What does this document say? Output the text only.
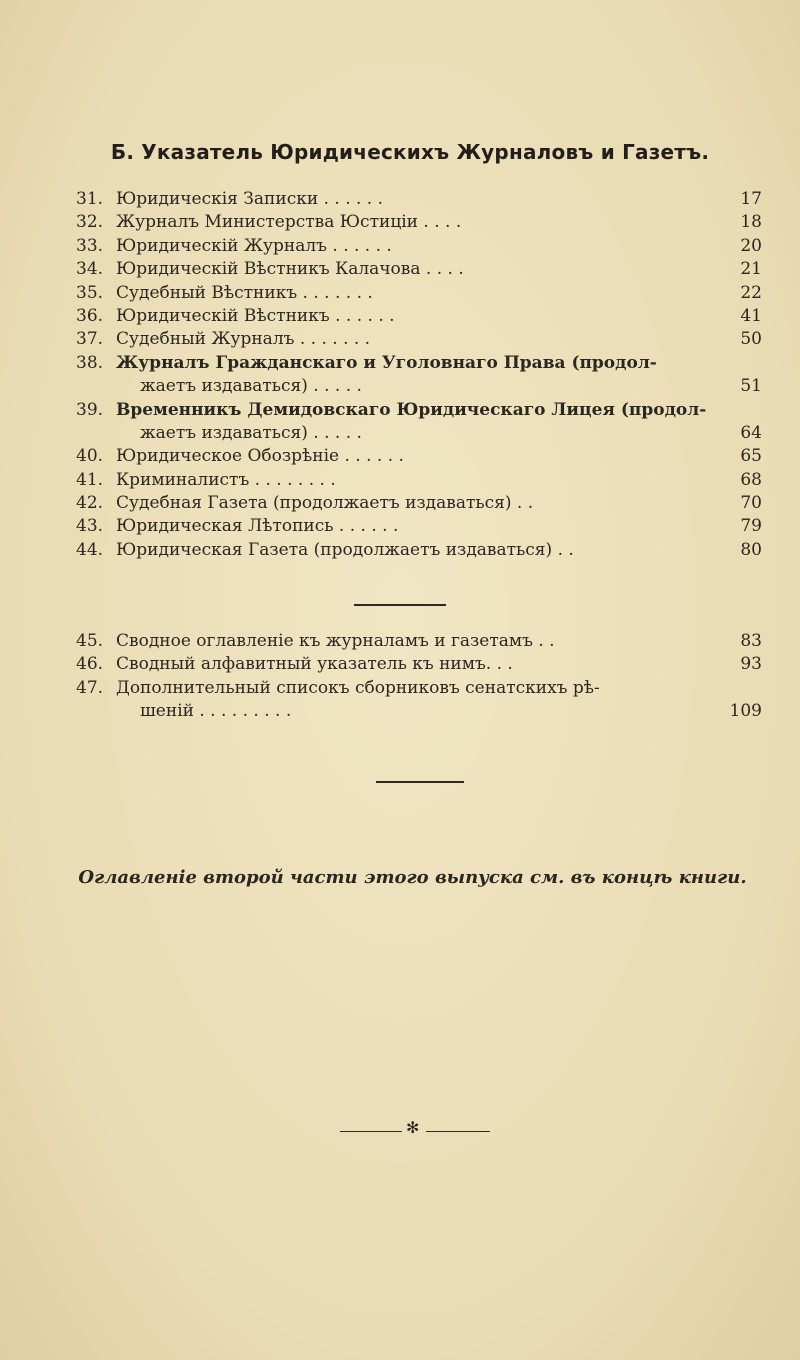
Б. Указатель Юридическихъ Журналовъ и Газетъ.
31. Юридическія Записки . . . . . .	17
32. Журналъ Министерства Юстиціи . . . .	18
33. Юридическій Журналъ . . . . . .	20
34. Юридическій Вѣстникъ Калачова . . . .	21
35. Судебный Вѣстникъ . . . . . . .	22
36. Юридическій Вѣстникъ . . . . . .	41
37. Судебный Журналъ . . . . . . .	50
38. Журналъ Гражданскаго и Уголовнаго Права (продол-
жаетъ издаваться) . . . . .	51
39. Временникъ Демидовскаго Юридическаго Лицея (продол-
жаетъ издаваться) . . . . .	64
40. Юридическое Обозрѣніе . . . . . .	65
41. Криминалистъ . . . . . . . .	68
42. Судебная Газета (продолжаетъ издаваться) . .	70
43. Юридическая Лѣтопись . . . . . .	79
44. Юридическая Газета (продолжаетъ издаваться) . .	80
45. Сводное оглавленіе къ журналамъ и газетамъ . .	83
46. Сводный алфавитный указатель къ нимъ. . .	93
47. Дополнительный списокъ сборниковъ сенатскихъ рѣ-
шеній . . . . . . . . .	109
Оглавленіе второй части этого выпуска см. въ концѣ книги.
✻
